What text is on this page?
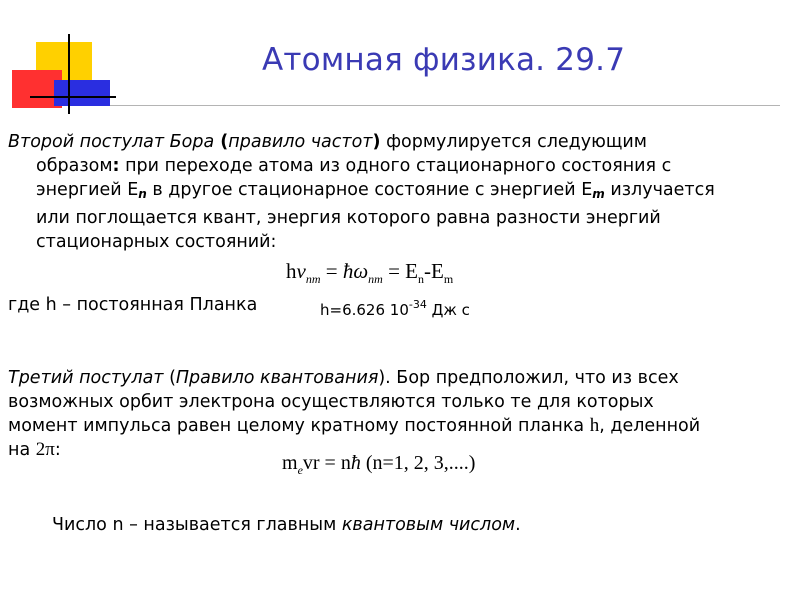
Атомная физика. 29.7
Второй постулат Бора (правило частот) формулируется следующим
образом: при переходе атома из одного стационарного состояния с
энергией $E_n$ в другое стационарное состояние с энергией $E_m$ излучается
или поглощается квант, энергия которого равна разности энергий
стационарных состояний:
$h\nu_{nm}$ = $ħ\omega_{nm} = E_n-E_m$
где h – постоянная Планка	h=6.626 $10^{-34}$ Дж с
Третий постулат (Правило квантования). Бор предположил, что из всех
возможных орбит электрона осуществляются только те для которых
момент импульса равен целому кратному постоянной планка h, деленной
на 2π:
$m_evr$ = nħ (n=1, 2, 3,....)
Число n – называется главным квантовым числом.
